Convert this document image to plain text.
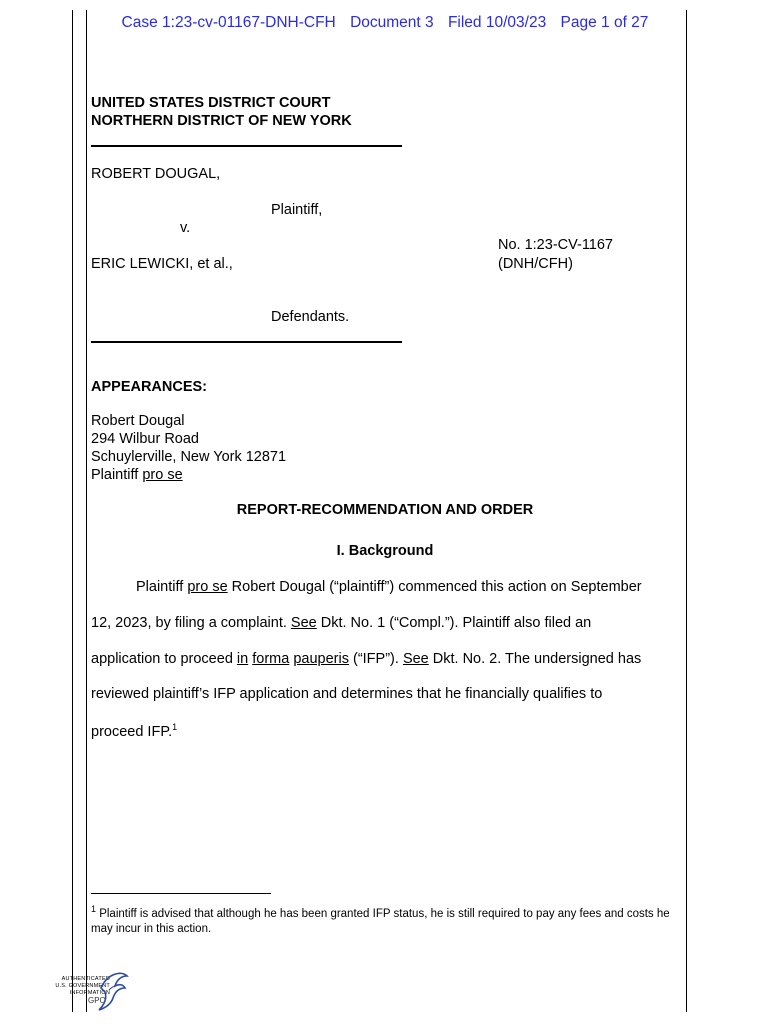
Case 1:23-cv-01167-DNH-CFH Document 3 Filed 10/03/23 Page 1 of 27
UNITED STATES DISTRICT COURT
NORTHERN DISTRICT OF NEW YORK
ROBERT DOUGAL,
Plaintiff,
v.
ERIC LEWICKI, et al.,
No. 1:23-CV-1167
(DNH/CFH)
Defendants.
APPEARANCES:
Robert Dougal
294 Wilbur Road
Schuylerville, New York 12871
Plaintiff pro se
REPORT-RECOMMENDATION AND ORDER
I. Background
Plaintiff pro se Robert Dougal (“plaintiff”) commenced this action on September
12, 2023, by filing a complaint. See Dkt. No. 1 (“Compl.”). Plaintiff also filed an
application to proceed in forma pauperis (“IFP”). See Dkt. No. 2. The undersigned has
reviewed plaintiff’s IFP application and determines that he financially qualifies to
proceed IFP.$^1$
$^1$ Plaintiff is advised that although he has been granted IFP status, he is still required to pay any fees and costs he may incur in this action.
AUTHENTICATED
U.S. GOVERNMENT
INFORMATION
GPO
